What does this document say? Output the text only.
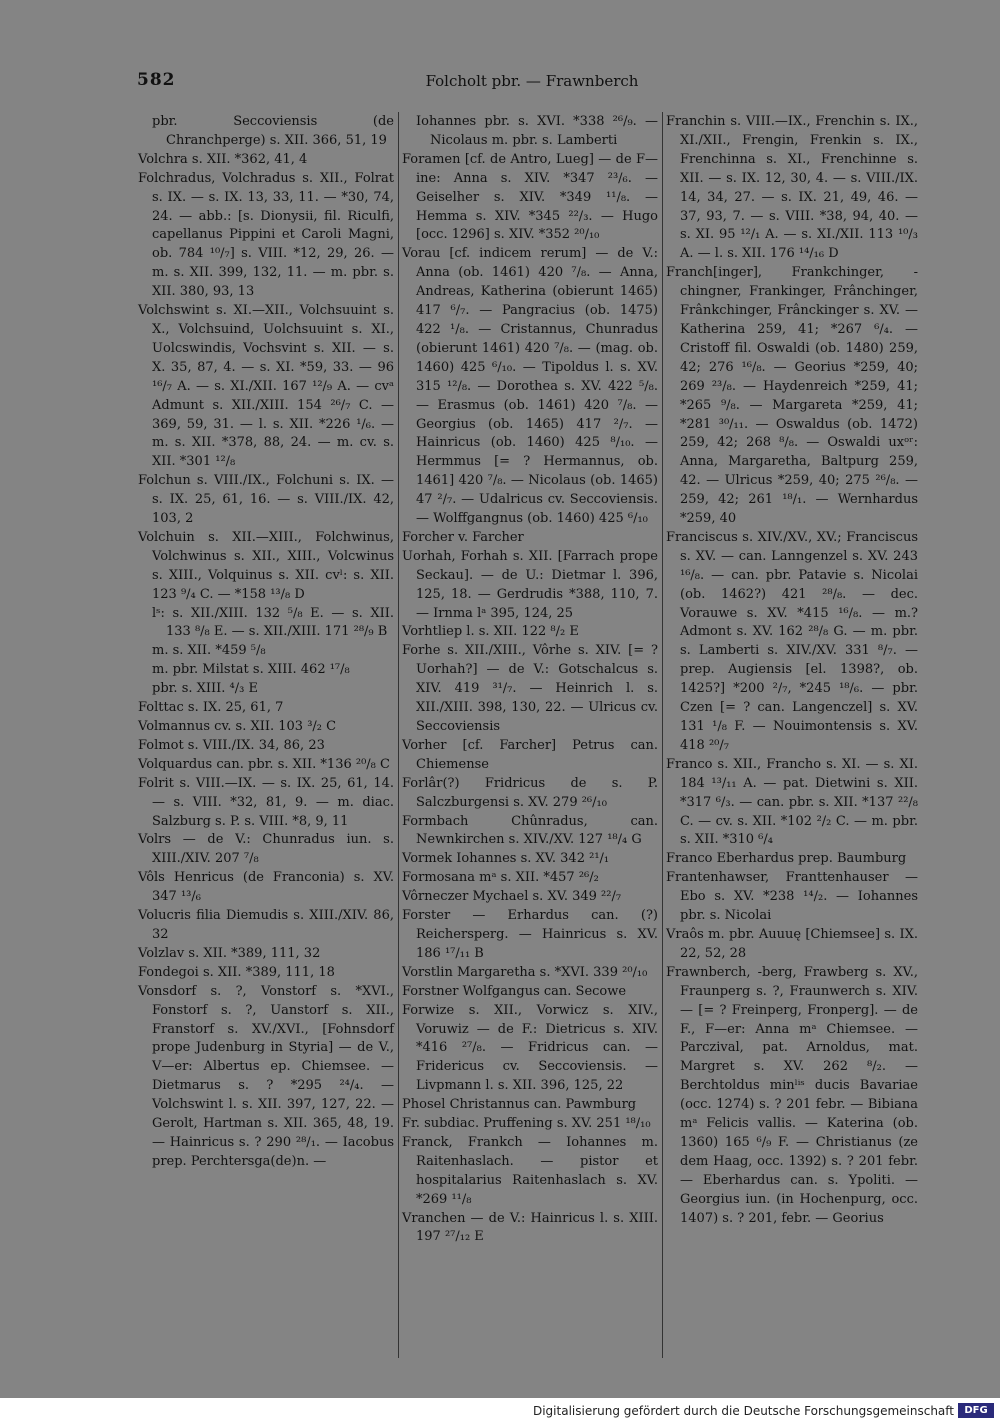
582	Folcholt pbr. — Frawnberch

pbr. Seccoviensis (de Chranchperge) s. XII. 366, 51, 19

Volchra s. XII. *362, 41, 4

Folchradus, Volchradus s. XII., Folrat s. IX. — s. IX. 13, 33, 11. — *30, 74, 24. — abb.: [s. Dionysii, fil. Riculfi, capellanus Pippini et Caroli Magni, ob. 784 ¹⁰/₇] s. VIII. *12, 29, 26. — m. s. XII. 399, 132, 11. — m. pbr. s. XII. 380, 93, 13

Volchswint s. XI.—XII., Volchsuuint s. X., Volchsuind, Uolchsuuint s. XI., Uolcswindis, Vochsvint s. XII. — s. X. 35, 87, 4. — s. XI. *59, 33. — 96 ¹⁶/₇ A. — s. XI./XII. 167 ¹²/₉ A. — cvᵃ Admunt s. XII./XIII. 154 ²⁶/₇ C. — 369, 59, 31. — l. s. XII. *226 ¹/₆. — m. s. XII. *378, 88, 24. — m. cv. s. XII. *301 ¹²/₈

Folchun s. VIII./IX., Folchuni s. IX. — s. IX. 25, 61, 16. — s. VIII./IX. 42, 103, 2

Volchuin s. XII.—XIII., Folchwinus, Volchwinus s. XII., XIII., Volcwinus s. XIII., Volquinus s. XII. cvˡ: s. XII. 123 ⁹/₄ C. — *158 ¹³/₈ D

lˢ: s. XII./XIII. 132 ⁵/₈ E. — s. XII. 133 ⁸/₈ E. — s. XII./XIII. 171 ²⁸/₉ B

m. s. XII. *459 ⁵/₈

m. pbr. Milstat s. XIII. 462 ¹⁷/₈

pbr. s. XIII. ⁴/₃ E

Folttac s. IX. 25, 61, 7

Volmannus cv. s. XII. 103 ³/₂ C

Folmot s. VIII./IX. 34, 86, 23

Volquardus can. pbr. s. XII. *136 ²⁰/₈ C

Folrit s. VIII.—IX. — s. IX. 25, 61, 14. — s. VIII. *32, 81, 9. — m. diac. Salzburg s. P. s. VIII. *8, 9, 11

Volrs — de V.: Chunradus iun. s. XIII./XIV. 207 ⁷/₈

Vôls Henricus (de Franconia) s. XV. 347 ¹³/₆

Volucris filia Diemudis s. XIII./XIV. 86, 32

Volzlav s. XII. *389, 111, 32

Fondegoi s. XII. *389, 111, 18

Vonsdorf s. ?, Vonstorf s. *XVI., Fonstorf s. ?, Uanstorf s. XII., Franstorf s. XV./XVI., [Fohnsdorf prope Judenburg in Styria] — de V., V—er: Albertus ep. Chiemsee. — Dietmarus s. ? *295 ²⁴/₄. — Volchswint l. s. XII. 397, 127, 22. — Gerolt, Hartman s. XII. 365, 48, 19. — Hainricus s. ? 290 ²⁸/₁. — Iacobus prep. Perchtersga(de)n. —

Iohannes pbr. s. XVI. *338 ²⁶/₉. — Nicolaus m. pbr. s. Lamberti

Foramen [cf. de Antro, Lueg] — de F—ine: Anna s. XIV. *347 ²³/₆. — Geiselher s. XIV. *349 ¹¹/₈. — Hemma s. XIV. *345 ²²/₃. — Hugo [occ. 1296] s. XIV. *352 ²⁰/₁₀

Vorau [cf. indicem rerum] — de V.: Anna (ob. 1461) 420 ⁷/₈. — Anna, Andreas, Katherina (obierunt 1465) 417 ⁶/₇. — Pangracius (ob. 1475) 422 ¹/₈. — Cristannus, Chunradus (obierunt 1461) 420 ⁷/₈. — (mag. ob. 1460) 425 ⁶/₁₀. — Tipoldus l. s. XV. 315 ¹²/₈. — Dorothea s. XV. 422 ⁵/₈. — Erasmus (ob. 1461) 420 ⁷/₈. — Georgius (ob. 1465) 417 ²/₇. — Hainricus (ob. 1460) 425 ⁸/₁₀. — Hermmus [= ? Hermannus, ob. 1461] 420 ⁷/₈. — Nicolaus (ob. 1465) 47 ²/₇. — Udalricus cv. Seccoviensis. — Wolffgangnus (ob. 1460) 425 ⁶/₁₀

Forcher v. Farcher

Uorhah, Forhah s. XII. [Farrach prope Seckau]. — de U.: Dietmar l. 396, 125, 18. — Gerdrudis *388, 110, 7. — Irnma lᵃ 395, 124, 25

Vorhtliep l. s. XII. 122 ⁸/₂ E

Forhe s. XII./XIII., Vôrhe s. XIV. [= ? Uorhah?] — de V.: Gotschalcus s. XIV. 419 ³¹/₇. — Heinrich l. s. XII./XIII. 398, 130, 22. — Ulricus cv. Seccoviensis

Vorher [cf. Farcher] Petrus can. Chiemense

Forlâr(?) Fridricus de s. P. Salczburgensi s. XV. 279 ²⁶/₁₀

Formbach Chûnradus, can. Newnkirchen s. XIV./XV. 127 ¹⁸/₄ G

Vormek Iohannes s. XV. 342 ²¹/₁

Formosana mᵃ s. XII. *457 ²⁶/₂

Vôrneczer Mychael s. XV. 349 ²²/₇

Forster — Erhardus can. (?) Reichersperg. — Hainricus s. XV. 186 ¹⁷/₁₁ B

Vorstlin Margaretha s. *XVI. 339 ²⁰/₁₀

Forstner Wolfgangus can. Secowe

Forwize s. XII., Vorwicz s. XIV., Voruwiz — de F.: Dietricus s. XIV. *416 ²⁷/₈. — Fridricus can. — Fridericus cv. Seccoviensis. — Livpmann l. s. XII. 396, 125, 22

Phosel Christannus can. Pawmburg

Fr. subdiac. Pruffening s. XV. 251 ¹⁸/₁₀

Franck, Frankch — Iohannes m. Raitenhaslach. — pistor et hospitalarius Raitenhaslach s. XV. *269 ¹¹/₈

Vranchen — de V.: Hainricus l. s. XIII. 197 ²⁷/₁₂ E

Franchin s. VIII.—IX., Frenchin s. IX., XI./XII., Frengin, Frenkin s. IX., Frenchinna s. XI., Frenchinne s. XII. — s. IX. 12, 30, 4. — s. VIII./IX. 14, 34, 27. — s. IX. 21, 49, 46. — 37, 93, 7. — s. VIII. *38, 94, 40. — s. XI. 95 ¹²/₁ A. — s. XI./XII. 113 ¹⁰/₃ A. — l. s. XII. 176 ¹⁴/₁₆ D

Franch[inger], Frankchinger, -chingner, Frankinger, Frânchinger, Frânkchinger, Frânckinger s. XV. — Katherina 259, 41; *267 ⁶/₄. — Cristoff fil. Oswaldi (ob. 1480) 259, 42; 276 ¹⁶/₈. — Georius *259, 40; 269 ²³/₈. — Haydenreich *259, 41; *265 ⁹/₈. — Margareta *259, 41; *281 ³⁰/₁₁. — Oswaldus (ob. 1472) 259, 42; 268 ⁸/₈. — Oswaldi uxᵒʳ: Anna, Margaretha, Baltpurg 259, 42. — Ulricus *259, 40; 275 ²⁶/₈. — 259, 42; 261 ¹⁸/₁. — Wernhardus *259, 40

Franciscus s. XIV./XV., XV.; Franciscus s. XV. — can. Lanngenzel s. XV. 243 ¹⁶/₈. — can. pbr. Patavie s. Nicolai (ob. 1462?) 421 ²⁸/₈. — dec. Vorauwe s. XV. *415 ¹⁶/₈. — m.? Admont s. XV. 162 ²⁸/₈ G. — m. pbr. s. Lamberti s. XIV./XV. 331 ⁸/₇. — prep. Augiensis [el. 1398?, ob. 1425?] *200 ²/₇, *245 ¹⁸/₆. — pbr. Czen [= ? can. Langenczel] s. XV. 131 ¹/₈ F. — Nouimontensis s. XV. 418 ²⁰/₇

Franco s. XII., Francho s. XI. — s. XI. 184 ¹³/₁₁ A. — pat. Dietwini s. XII. *317 ⁶/₃. — can. pbr. s. XII. *137 ²²/₈ C. — cv. s. XII. *102 ²/₂ C. — m. pbr. s. XII. *310 ⁶/₄

Franco Eberhardus prep. Baumburg

Frantenhawser, Franttenhauser — Ebo s. XV. *238 ¹⁴/₂. — Iohannes pbr. s. Nicolai

Vraôs m. pbr. Auuuę [Chiemsee] s. IX. 22, 52, 28

Frawnberch, -berg, Frawberg s. XV., Fraunperg s. ?, Fraunwerch s. XIV. — [= ? Freinperg, Fronperg]. — de F., F—er: Anna mᵃ Chiemsee. — Parczival, pat. Arnoldus, mat. Margret s. XV. 262 ⁸/₂. — Berchtoldus minˡⁱˢ ducis Bavariae (occ. 1274) s. ? 201 febr. — Bibiana mᵃ Felicis vallis. — Katerina (ob. 1360) 165 ⁶/₉ F. — Christianus (ze dem Haag, occ. 1392) s. ? 201 febr. — Eberhardus can. s. Ypoliti. — Georgius iun. (in Hochenpurg, occ. 1407) s. ? 201, febr. — Georius

Digitalisierung gefördert durch die Deutsche Forschungsgemeinschaft	DFG
